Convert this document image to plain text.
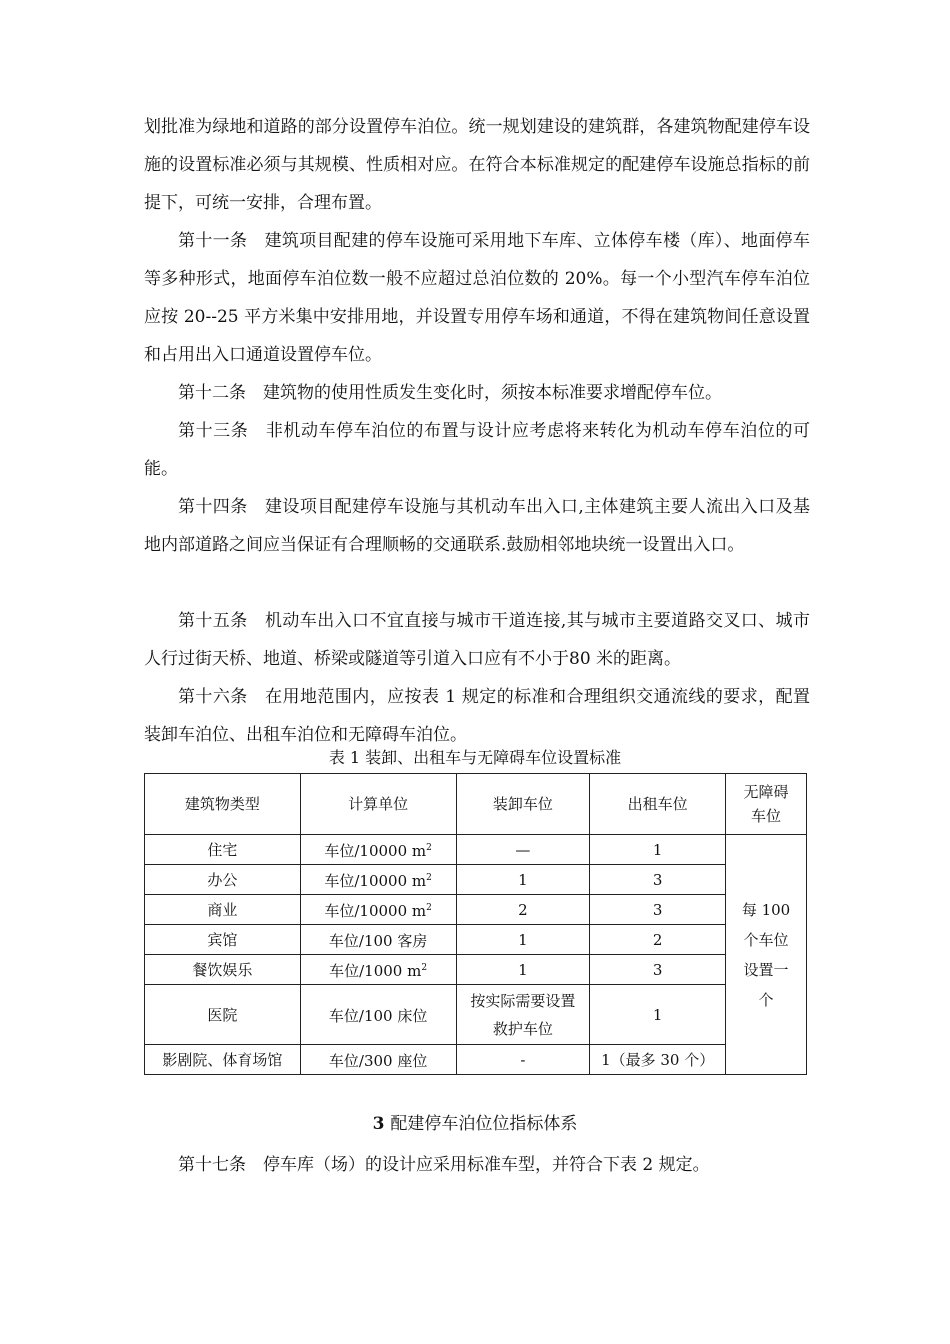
划批准为绿地和道路的部分设置停车泊位。统一规划建设的建筑群，各建筑物配建停车设施的设置标准必须与其规模、性质相对应。在符合本标准规定的配建停车设施总指标的前提下，可统一安排，合理布置。

第十一条　建筑项目配建的停车设施可采用地下车库、立体停车楼（库）、地面停车等多种形式，地面停车泊位数一般不应超过总泊位数的 20%。每一个小型汽车停车泊位应按 20--25 平方米集中安排用地，并设置专用停车场和通道，不得在建筑物间任意设置和占用出入口通道设置停车位。

第十二条　建筑物的使用性质发生变化时，须按本标准要求增配停车位。

第十三条　非机动车停车泊位的布置与设计应考虑将来转化为机动车停车泊位的可能。

第十四条　建设项目配建停车设施与其机动车出入口,主体建筑主要人流出入口及基地内部道路之间应当保证有合理顺畅的交通联系.鼓励相邻地块统一设置出入口。

第十五条　机动车出入口不宜直接与城市干道连接,其与城市主要道路交叉口、城市人行过街天桥、地道、桥梁或隧道等引道入口应有不小于80 米的距离。

第十六条　在用地范围内，应按表 1 规定的标准和合理组织交通流线的要求，配置装卸车泊位、出租车泊位和无障碍车泊位。

表 1 装卸、出租车与无障碍车位设置标准
建筑物类型	计算单位	装卸车位	出租车位	无障碍车位
住宅	车位/10000 $m^2$	—	1	每 100 个车位设置一个
办公	车位/10000 $m^2$	1	3	
商业	车位/10000 $m^2$	2	3	
宾馆	车位/100 客房	1	2	
餐饮娱乐	车位/1000 $m^2$	1	3	
医院	车位/100 床位	按实际需要设置救护车位	1	
影剧院、体育场馆	车位/300 座位	-	1（最多 30 个）	
3 配建停车泊位位指标体系

第十七条　停车库（场）的设计应采用标准车型，并符合下表 2 规定。
